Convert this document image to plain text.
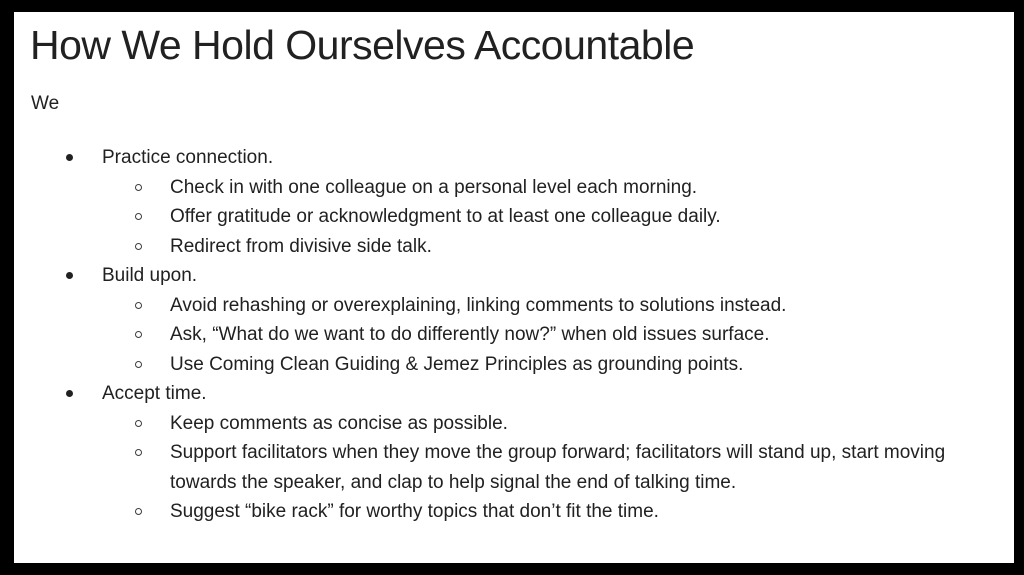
How We Hold Ourselves Accountable
We
Practice connection.
Check in with one colleague on a personal level each morning.
Offer gratitude or acknowledgment to at least one colleague daily.
Redirect from divisive side talk.
Build upon.
Avoid rehashing or overexplaining, linking comments to solutions instead.
Ask, “What do we want to do differently now?” when old issues surface.
Use Coming Clean Guiding & Jemez Principles as grounding points.
Accept time.
Keep comments as concise as possible.
Support facilitators when they move the group forward; facilitators will stand up, start moving towards the speaker, and clap to help signal the end of talking time.
Suggest “bike rack” for worthy topics that don’t fit the time.
